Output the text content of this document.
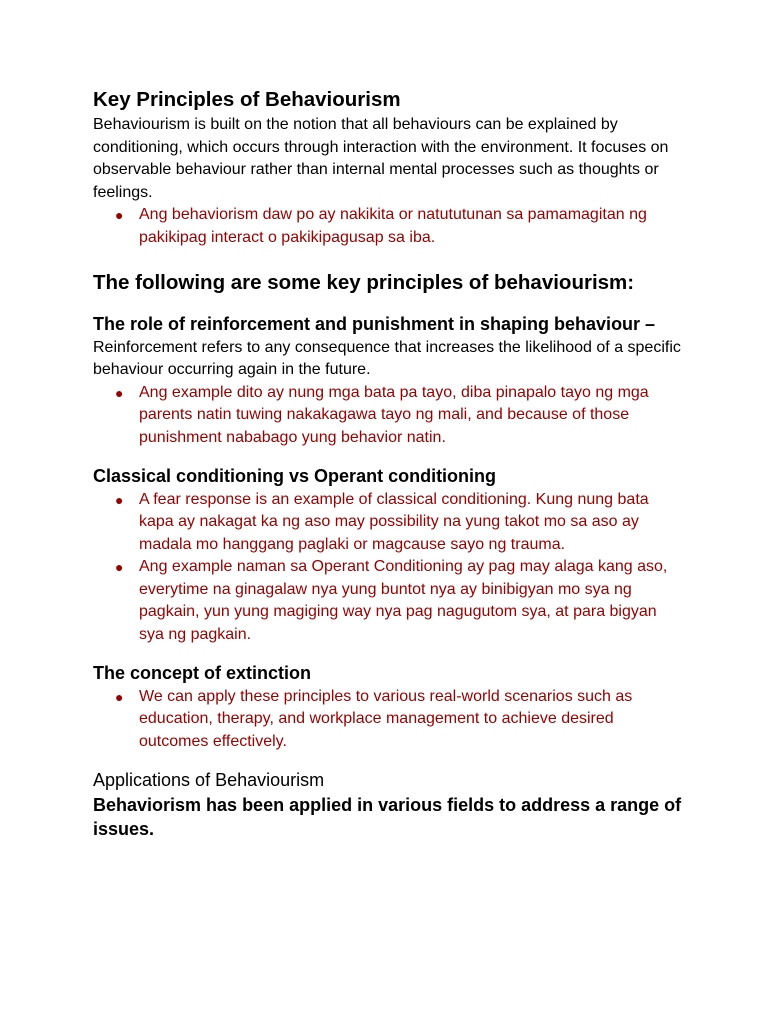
Key Principles of Behaviourism
Behaviourism is built on the notion that all behaviours can be explained by conditioning, which occurs through interaction with the environment. It focuses on observable behaviour rather than internal mental processes such as thoughts or feelings.
● Ang behaviorism daw po ay nakikita or natututunan sa pamamagitan ng pakikipag interact o pakikipagusap sa iba.
The following are some key principles of behaviourism:
The role of reinforcement and punishment in shaping behaviour –
Reinforcement refers to any consequence that increases the likelihood of a specific behaviour occurring again in the future.
● Ang example dito ay nung mga bata pa tayo, diba pinapalo tayo ng mga parents natin tuwing nakakagawa tayo ng mali, and because of those punishment nababago yung behavior natin.
Classical conditioning vs Operant conditioning
● A fear response is an example of classical conditioning. Kung nung bata kapa ay nakagat ka ng aso may possibility na yung takot mo sa aso ay madala mo hanggang paglaki or magcause sayo ng trauma.
● Ang example naman sa Operant Conditioning ay pag may alaga kang aso, everytime na ginagalaw nya yung buntot nya ay binibigyan mo sya ng pagkain, yun yung magiging way nya pag nagugutom sya, at para bigyan sya ng pagkain.
The concept of extinction
● We can apply these principles to various real-world scenarios such as education, therapy, and workplace management to achieve desired outcomes effectively.
Applications of Behaviourism
Behaviorism has been applied in various fields to address a range of issues.
